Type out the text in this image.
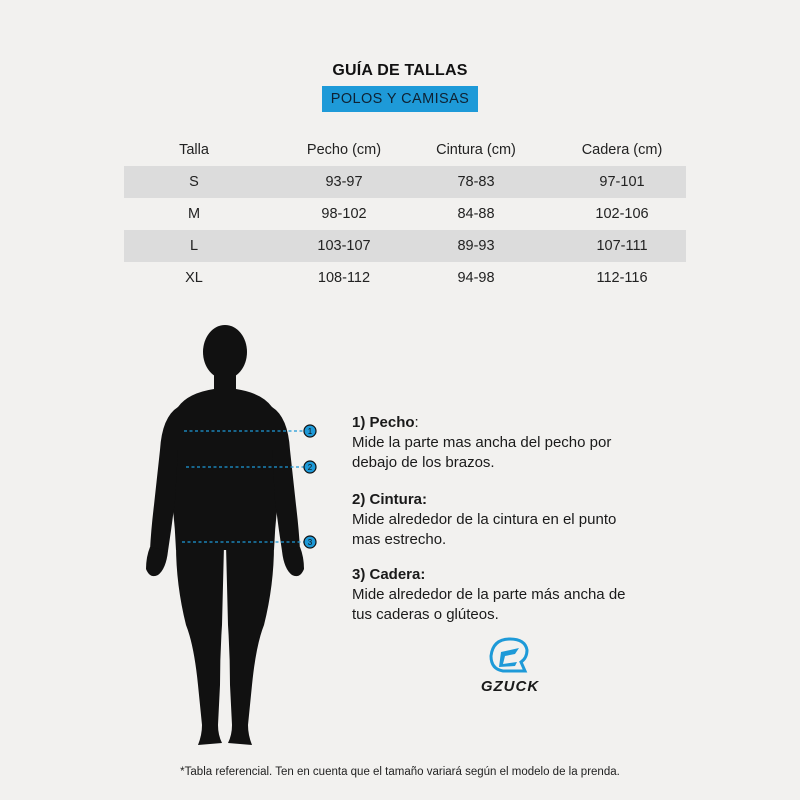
GUÍA DE TALLAS
POLOS Y CAMISAS
Talla	Pecho (cm)	Cintura (cm)	Cadera (cm)
S	93-97	78-83	97-101
M	98-102	84-88	102-106
L	103-107	89-93	107-111
XL	108-112	94-98	112-116
1
2
3
1) Pecho:
Mide la parte mas ancha del pecho por
debajo de los brazos.
2) Cintura:
Mide alrededor de la cintura en el punto
mas estrecho.
3) Cadera:
Mide alrededor de la parte más ancha de
tus caderas o glúteos.
GZUCK
*Tabla referencial. Ten en cuenta que el tamaño variará según el modelo de la prenda.
